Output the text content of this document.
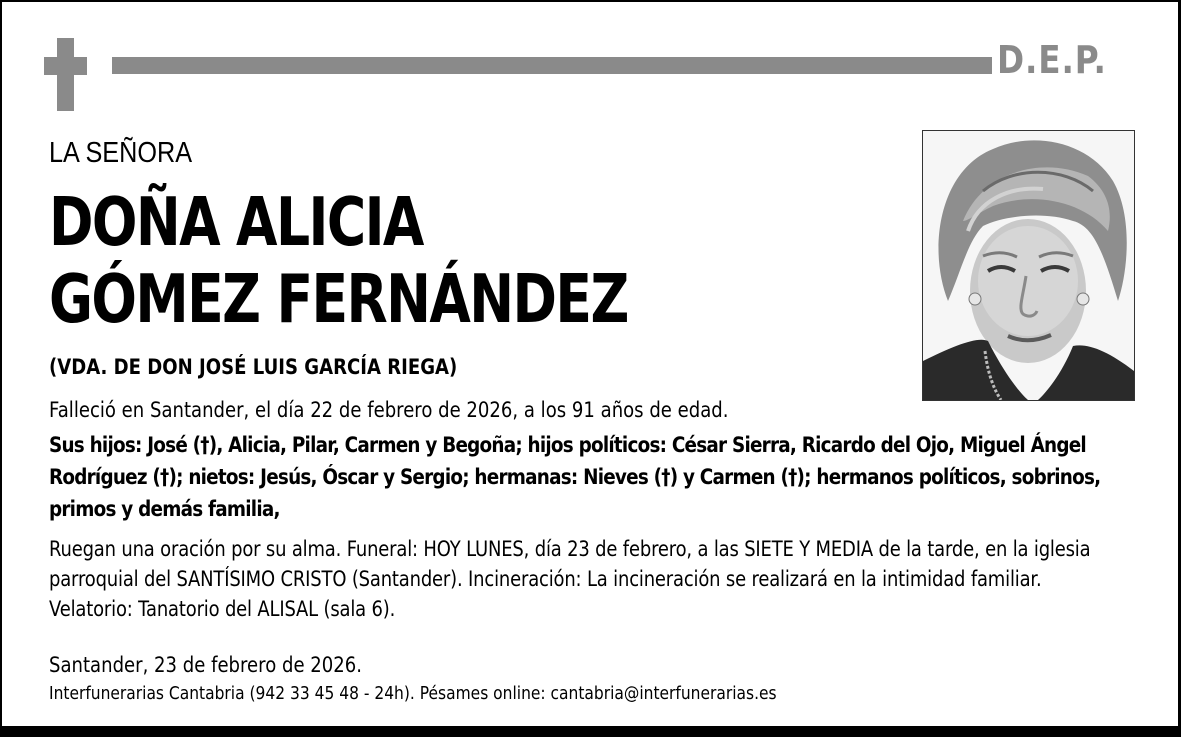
D.E.P.
LA SEÑORA
DOÑA ALICIA
GÓMEZ FERNÁNDEZ
(VDA. DE DON JOSÉ LUIS GARCÍA RIEGA)
Falleció en Santander, el día 22 de febrero de 2026, a los 91 años de edad.
Sus hijos: José (†), Alicia, Pilar, Carmen y Begoña; hijos políticos: César Sierra, Ricardo del Ojo, Miguel Ángel Rodríguez (†); nietos: Jesús, Óscar y Sergio; hermanas: Nieves (†) y Carmen (†); hermanos políticos, sobrinos, primos y demás familia,
Ruegan una oración por su alma. Funeral: HOY LUNES, día 23 de febrero, a las SIETE Y MEDIA de la tarde, en la iglesia parroquial del SANTÍSIMO CRISTO (Santander). Incineración: La incineración se realizará en la intimidad familiar. Velatorio: Tanatorio del ALISAL (sala 6).
Santander, 23 de febrero de 2026.
Interfunerarias Cantabria (942 33 45 48 - 24h). Pésames online: cantabria@interfunerarias.es
